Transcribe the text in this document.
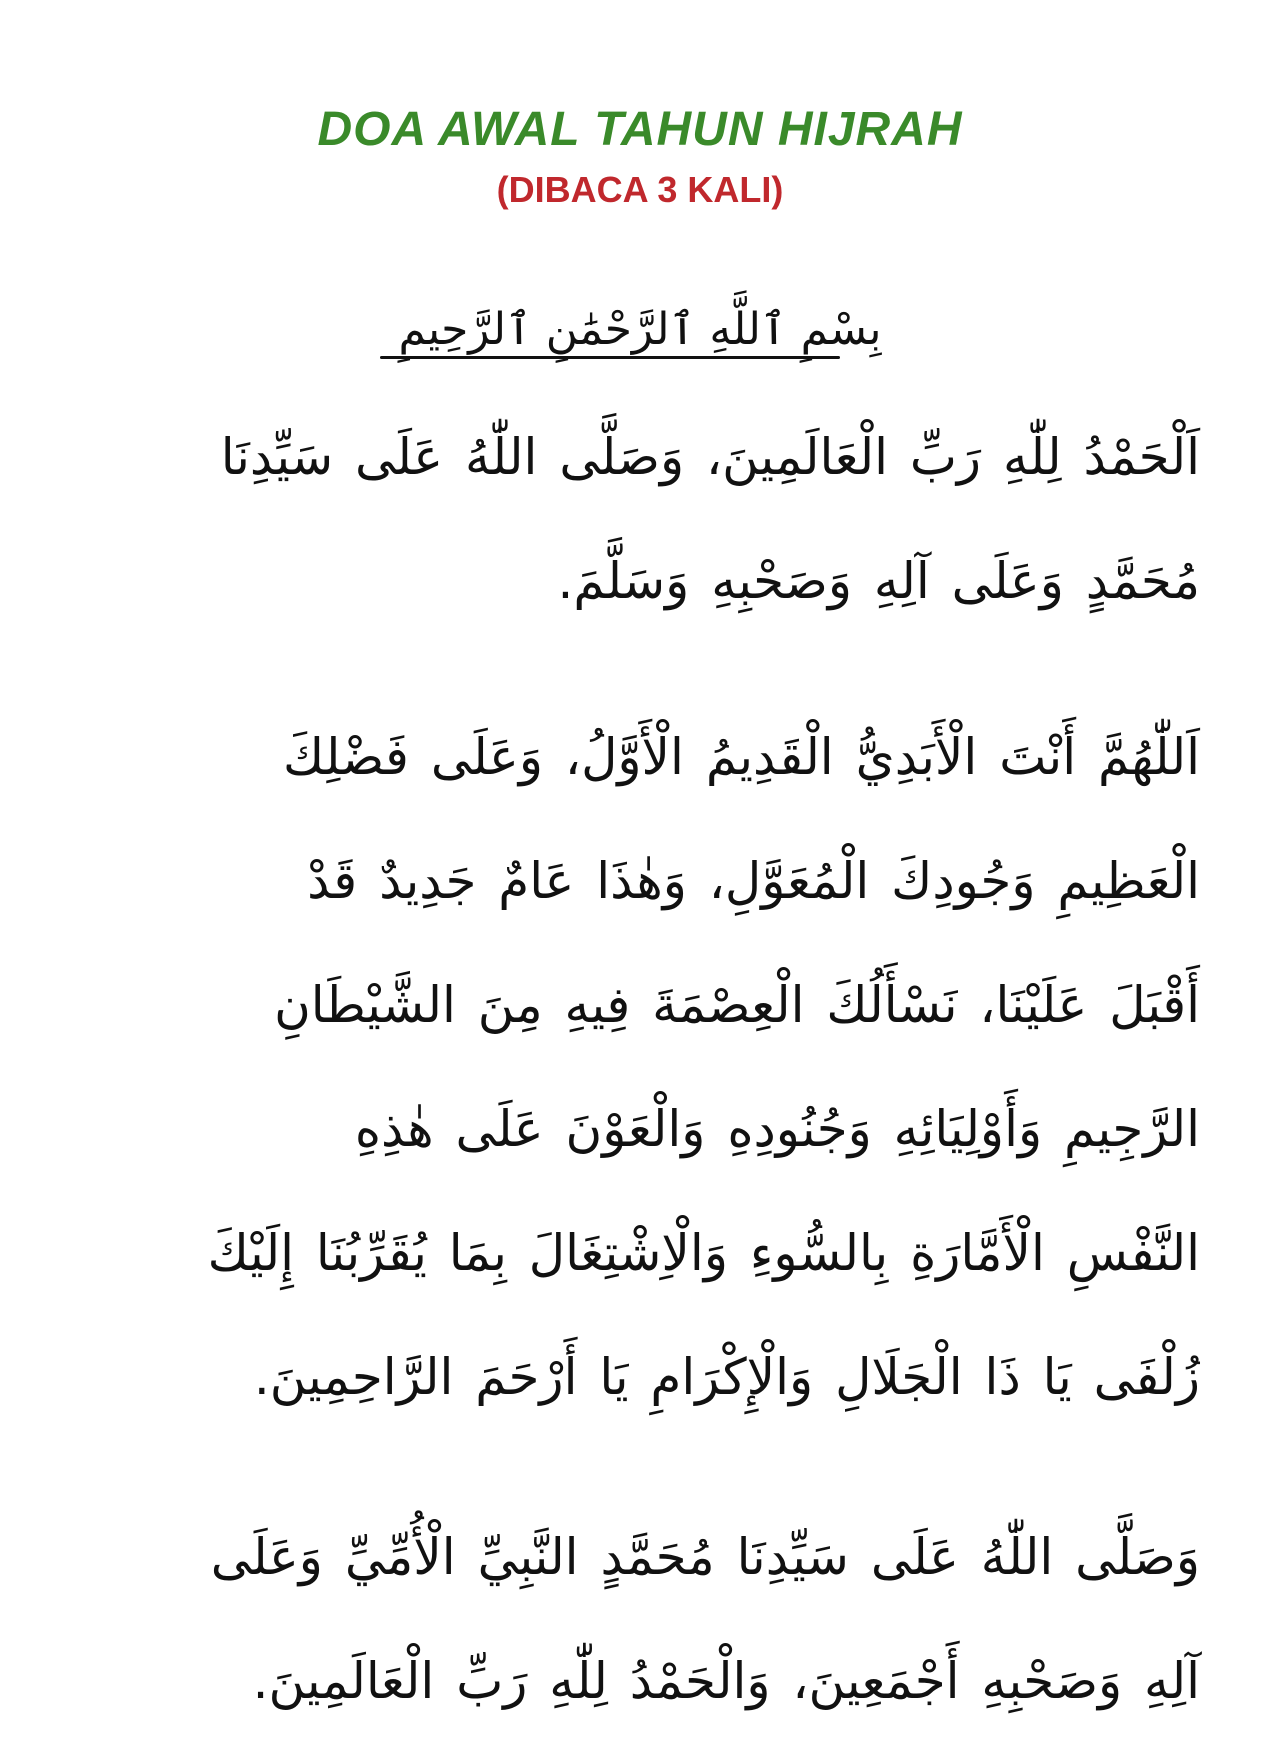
DOA AWAL TAHUN HIJRAH
(DIBACA 3 KALI)
بِسْمِ ٱللَّهِ ٱلرَّحْمَٰنِ ٱلرَّحِيمِ
اَلْحَمْدُ لِلّٰهِ رَبِّ الْعَالَمِينَ، وَصَلَّى اللّٰهُ عَلَى سَيِّدِنَا
مُحَمَّدٍ وَعَلَى آلِهِ وَصَحْبِهِ وَسَلَّمَ.
اَللّٰهُمَّ أَنْتَ الْأَبَدِيُّ الْقَدِيمُ الْأَوَّلُ، وَعَلَى فَضْلِكَ
الْعَظِيمِ وَجُودِكَ الْمُعَوَّلِ، وَهٰذَا عَامٌ جَدِيدٌ قَدْ
أَقْبَلَ عَلَيْنَا، نَسْأَلُكَ الْعِصْمَةَ فِيهِ مِنَ الشَّيْطَانِ
الرَّجِيمِ وَأَوْلِيَائِهِ وَجُنُودِهِ وَالْعَوْنَ عَلَى هٰذِهِ
النَّفْسِ الْأَمَّارَةِ بِالسُّوءِ وَالْاِشْتِغَالَ بِمَا يُقَرِّبُنَا إِلَيْكَ
زُلْفَى يَا ذَا الْجَلَالِ وَالْإِكْرَامِ يَا أَرْحَمَ الرَّاحِمِينَ.
وَصَلَّى اللّٰهُ عَلَى سَيِّدِنَا مُحَمَّدٍ النَّبِيِّ الْأُمِّيِّ وَعَلَى
آلِهِ وَصَحْبِهِ أَجْمَعِينَ، وَالْحَمْدُ لِلّٰهِ رَبِّ الْعَالَمِينَ.
